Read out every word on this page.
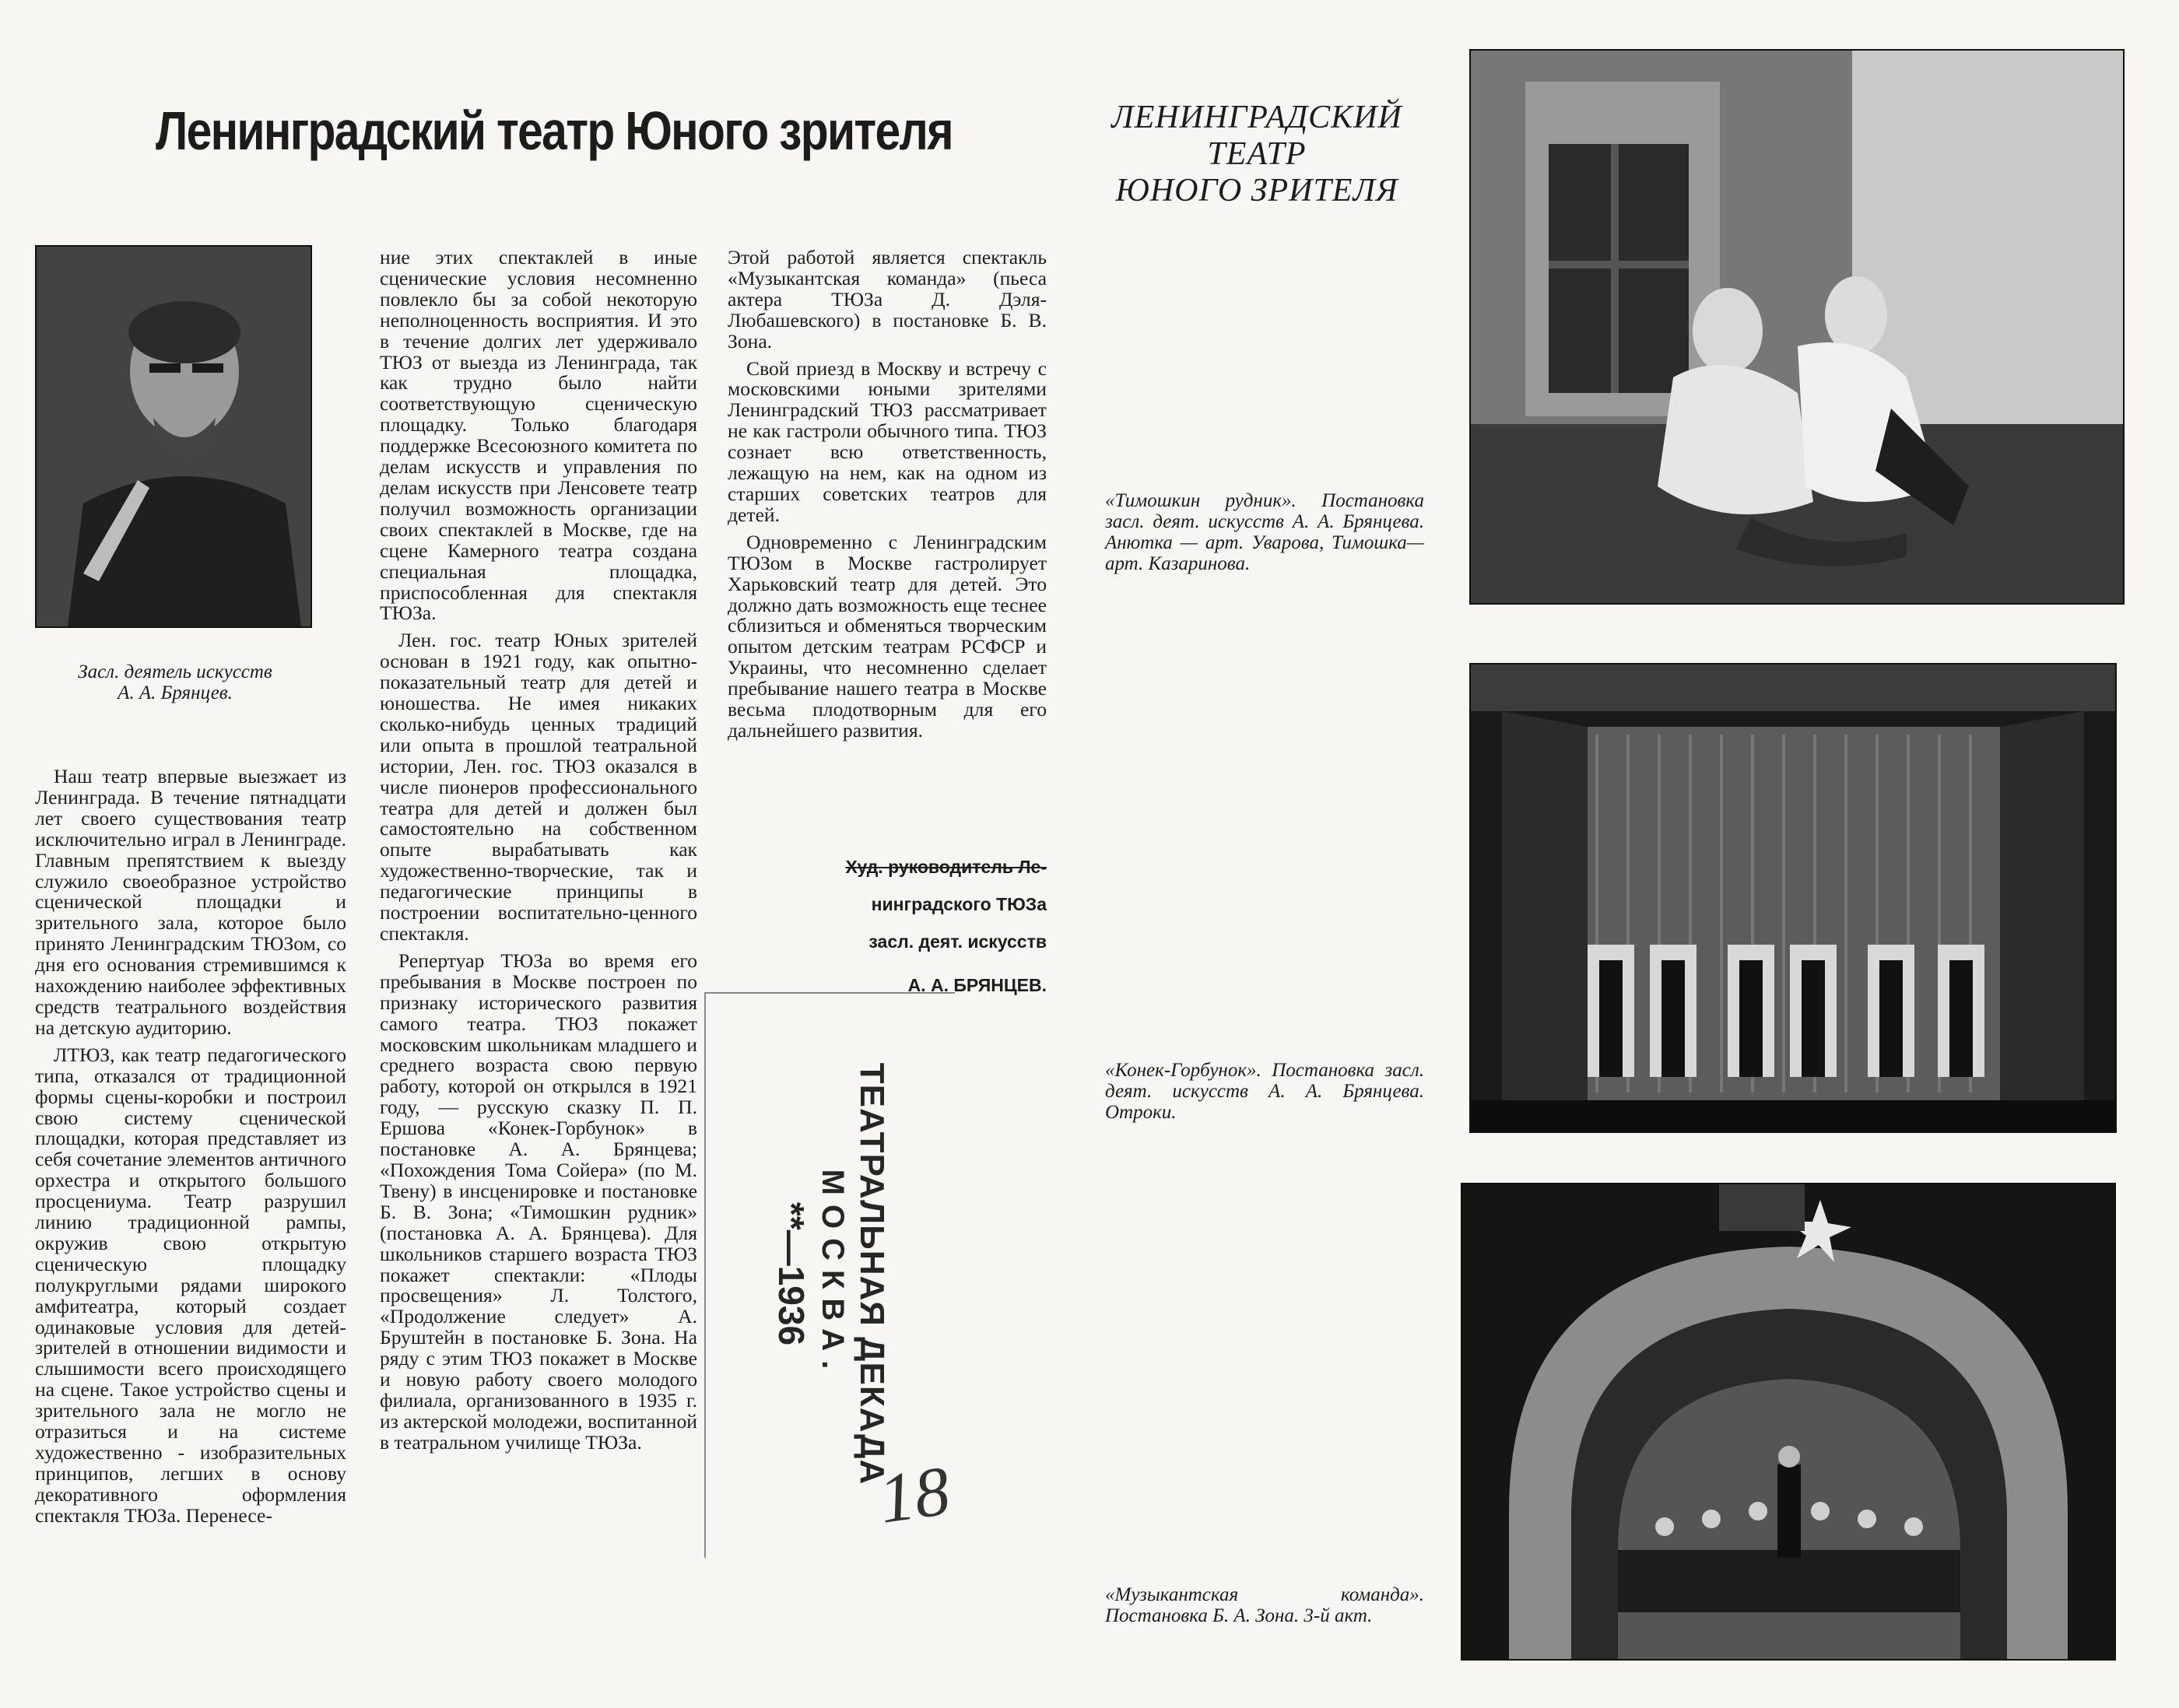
Ленинградский театр Юного зрителя	ЛЕНИНГРАДСКИЙ
ТЕАТР
ЮНОГО ЗРИТЕЛЯ
Засл. деятель искусств
А. А. Брянцев.

Наш театр впервые выезжает из Ленинграда. В течение пятнадцати лет своего существования театр исключительно играл в Ленинграде. Главным препятствием к выезду служило своеобразное устройство сценической площадки и зрительного зала, которое было принято Ленинградским ТЮЗом, со дня его основания стремившимся к нахождению наиболее эффективных средств театрального воздействия на детскую аудиторию.

ЛТЮЗ, как театр педагогического типа, отказался от традиционной формы сцены-коробки и построил свою систему сценической площадки, которая представляет из себя сочетание элементов античного орхестра и открытого большого просцениума. Театр разрушил линию традиционной рампы, окружив свою открытую сценическую площадку полукруглыми рядами широкого амфитеатра, который создает одинаковые условия для детей-зрителей в отношении видимости и слышимости всего происходящего на сцене. Такое устройство сцены и зрительного зала не могло не отразиться и на системе художественно - изобразительных принципов, легших в основу декоративного оформления спектакля ТЮЗа. Перенесе-

ние этих спектаклей в иные сценические условия несомненно повлекло бы за собой некоторую неполноценность восприятия. И это в течение долгих лет удерживало ТЮЗ от выезда из Ленинграда, так как трудно было найти соответствующую сценическую площадку. Только благодаря поддержке Всесоюзного комитета по делам искусств и управления по делам искусств при Ленсовете театр получил возможность организации своих спектаклей в Москве, где на сцене Камерного театра создана специальная площадка, приспособленная для спектакля ТЮЗа.

Лен. гос. театр Юных зрителей основан в 1921 году, как опытно-показательный театр для детей и юношества. Не имея никаких сколько-нибудь ценных традиций или опыта в прошлой театральной истории, Лен. гос. ТЮЗ оказался в числе пионеров профессионального театра для детей и должен был самостоятельно на собственном опыте вырабатывать как художественно-творческие, так и педагогические принципы в построении воспитательно-ценного спектакля.

Репертуар ТЮЗа во время его пребывания в Москве построен по признаку исторического развития самого театра. ТЮЗ покажет московским школьникам младшего и среднего возраста свою первую работу, которой он открылся в 1921 году, — русскую сказку П. П. Ершова «Конек-Горбунок» в постановке А. А. Брянцева; «Похождения Тома Сойера» (по М. Твену) в инсценировке и постановке Б. В. Зона; «Тимошкин рудник» (постановка А. А. Брянцева). Для школьников старшего возраста ТЮЗ покажет спектакли: «Плоды просвещения» Л. Толстого, «Продолжение следует» А. Бруштейн в постановке Б. Зона. На ряду с этим ТЮЗ покажет в Москве и новую работу своего молодого филиала, организованного в 1935 г. из актерской молодежи, воспитанной в театральном училище ТЮЗа.

Этой работой является спектакль «Музыкантская команда» (пьеса актера ТЮЗа Д. Дэля-Любашевского) в постановке Б. В. Зона.

Свой приезд в Москву и встречу с московскими юными зрителями Ленинградский ТЮЗ рассматривает не как гастроли обычного типа. ТЮЗ сознает всю ответственность, лежащую на нем, как на одном из старших советских театров для детей.

Одновременно с Ленинградским ТЮЗом в Москве гастролирует Харьковский театр для детей. Это должно дать возможность еще теснее сблизиться и обменяться творческим опытом детским театрам РСФСР и Украины, что несомненно сделает пребывание нашего театра в Москве весьма плодотворным для его дальнейшего развития.

Худ. руководитель Ле-
нинградского ТЮЗа
засл. деят. искусств
А. А. БРЯНЦЕВ.
ТЕАТРАЛЬНАЯ ДЕКАДА
МОСКВА.
**—1936
18
«Тимошкин рудник». Постановка засл. деят. искусств А. А. Брянцева. Анютка — арт. Уварова, Тимошка—арт. Казаринова.
«Конек-Горбунок». Постановка засл. деят. искусств А. А. Брянцева. Отроки.
«Музыкантская команда». Постановка Б. А. Зона. 3-й акт.
